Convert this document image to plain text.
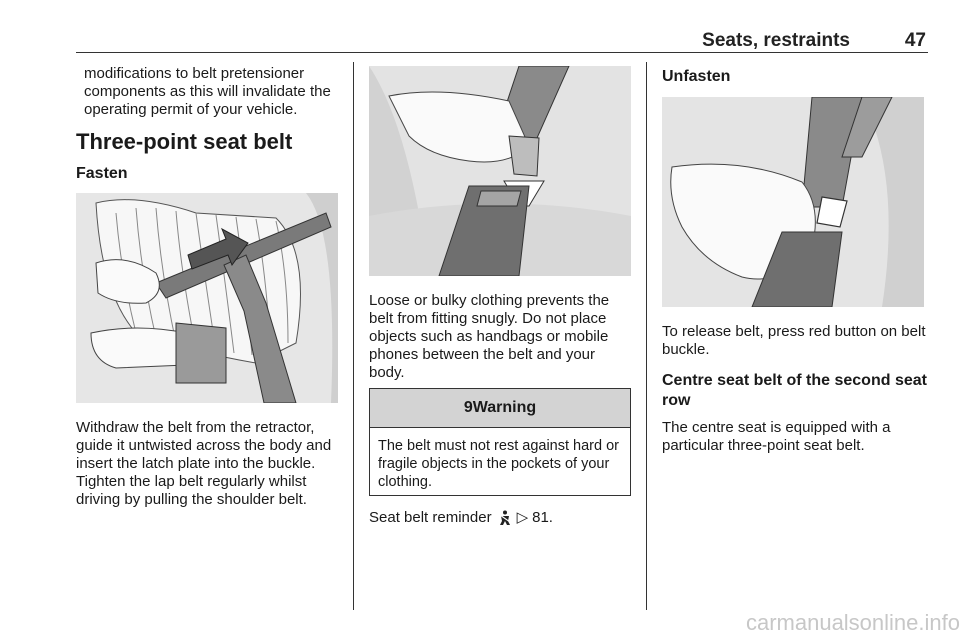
Seats, restraints	47
modifications to belt pretensioner components as this will invalidate the operating permit of your vehicle.
Three-point seat belt
Fasten
Withdraw the belt from the retractor, guide it untwisted across the body and insert the latch plate into the buckle. Tighten the lap belt regularly whilst driving by pulling the shoulder belt.
Loose or bulky clothing prevents the belt from fitting snugly. Do not place objects such as handbags or mobile phones between the belt and your body.
9Warning
The belt must not rest against hard or fragile objects in the pockets of your clothing.
Seat belt reminder ▷ 81.
Unfasten
To release belt, press red button on belt buckle.
Centre seat belt of the second seat row
The centre seat is equipped with a particular three-point seat belt.
carmanualsonline.info
